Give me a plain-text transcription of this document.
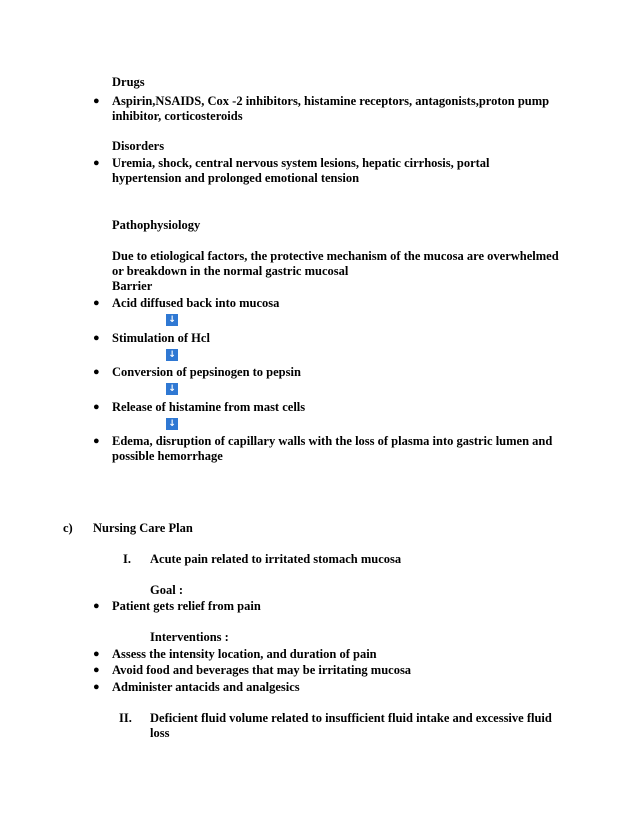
Drugs
● Aspirin,NSAIDS, Cox -2 inhibitors, histamine receptors, antagonists,proton pump
inhibitor, corticosteroids
Disorders
● Uremia, shock, central nervous system lesions, hepatic cirrhosis, portal
hypertension and prolonged emotional tension
Pathophysiology
Due to etiological factors, the protective mechanism of the mucosa are overwhelmed
or breakdown in the normal gastric mucosal
Barrier
● Acid diffused back into mucosa
↓
● Stimulation of Hcl
↓
● Conversion of pepsinogen to pepsin
↓
● Release of histamine from mast cells
↓
● Edema, disruption of capillary walls with the loss of plasma into gastric lumen and
possible hemorrhage
c) Nursing Care Plan
I. Acute pain related to irritated stomach mucosa
Goal :
● Patient gets relief from pain
Interventions :
● Assess the intensity location, and duration of pain
● Avoid food and beverages that may be irritating mucosa
● Administer antacids and analgesics
II. Deficient fluid volume related to insufficient fluid intake and excessive fluid
loss
